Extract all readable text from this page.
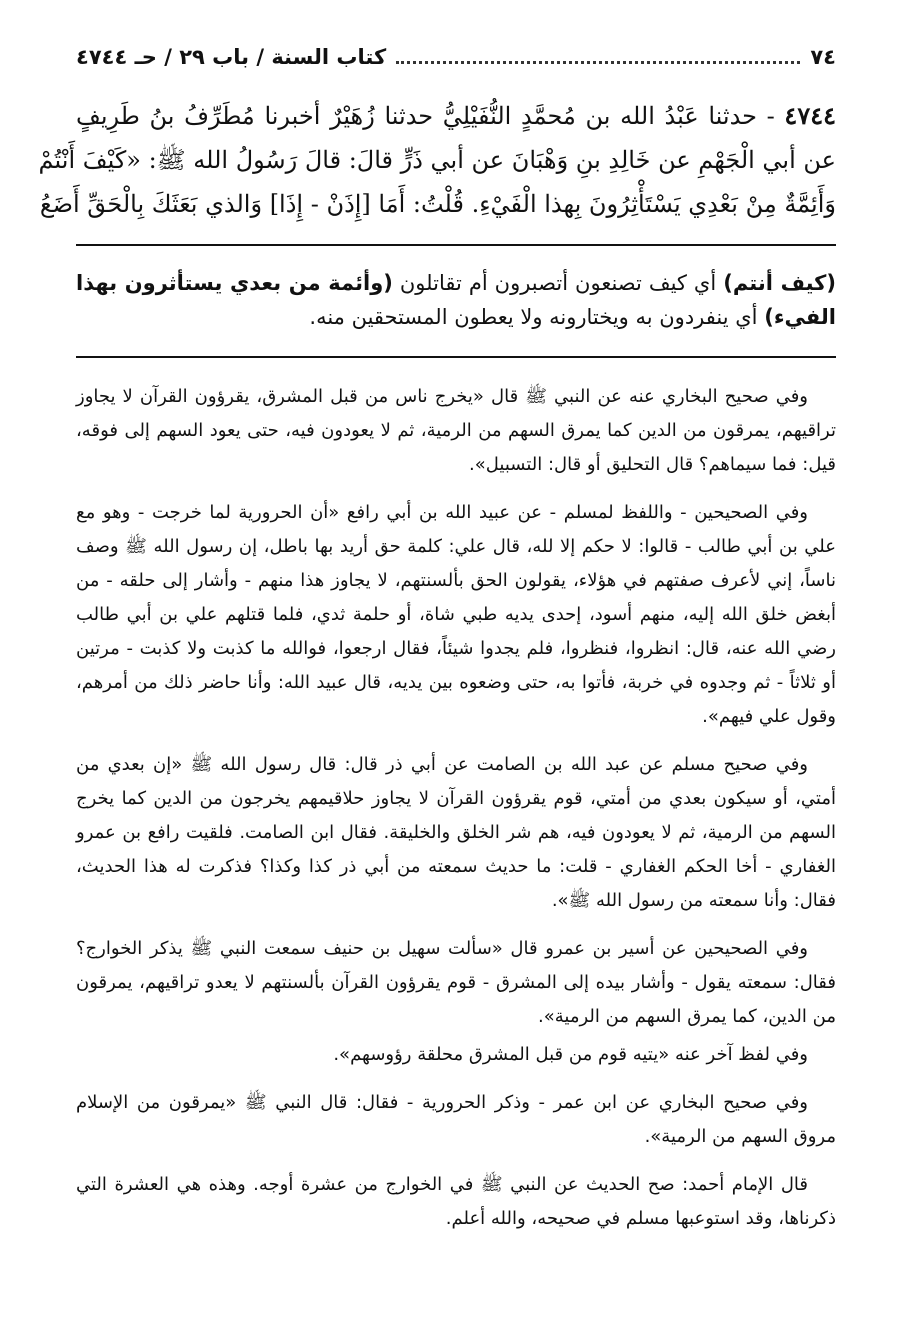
٧٤
كتاب السنة / باب ٢٩ / حـ ٤٧٤٤
٤٧٤٤ - حدثنا عَبْدُ الله بن مُحمَّدٍ النُّفَيْلِيُّ حدثنا زُهَيْرٌ أخبرنا مُطَرِّفُ بنُ طَرِيفٍ
عن أبي الْجَهْمِ عن خَالِدِ بنِ وَهْبَانَ عن أبي ذَرٍّ قالَ: قالَ رَسُولُ الله ﷺ: «كَيْفَ أَنْتُمْ
وَأَئِمَّةٌ مِنْ بَعْدِي يَسْتَأْثِرُونَ بِهذا الْفَيْءِ. قُلْتُ: أَمَا [إِذَنْ - إِذَا] وَالذي بَعَثَكَ بِالْحَقِّ أَضَعُ
(كيف أنتم) أي كيف تصنعون أتصبرون أم تقاتلون (وأئمة من بعدي يستأثرون بهذا الفيء) أي ينفردون به ويختارونه ولا يعطون المستحقين منه.

وفي صحيح البخاري عنه عن النبي ﷺ قال «يخرج ناس من قبل المشرق، يقرؤون القرآن لا يجاوز تراقيهم، يمرقون من الدين كما يمرق السهم من الرمية، ثم لا يعودون فيه، حتى يعود السهم إلى فوقه، قيل: فما سيماهم؟ قال التحليق أو قال: التسبيل».

وفي الصحيحين - واللفظ لمسلم - عن عبيد الله بن أبي رافع «أن الحرورية لما خرجت - وهو مع علي بن أبي طالب - قالوا: لا حكم إلا لله، قال علي: كلمة حق أريد بها باطل، إن رسول الله ﷺ وصف ناساً، إني لأعرف صفتهم في هؤلاء، يقولون الحق بألسنتهم، لا يجاوز هذا منهم - وأشار إلى حلقه - من أبغض خلق الله إليه، منهم أسود، إحدى يديه طبي شاة، أو حلمة ثدي، فلما قتلهم علي بن أبي طالب رضي الله عنه، قال: انظروا، فنظروا، فلم يجدوا شيئاً، فقال ارجعوا، فوالله ما كذبت ولا كذبت - مرتين أو ثلاثاً - ثم وجدوه في خربة، فأتوا به، حتى وضعوه بين يديه، قال عبيد الله: وأنا حاضر ذلك من أمرهم، وقول علي فيهم».

وفي صحيح مسلم عن عبد الله بن الصامت عن أبي ذر قال: قال رسول الله ﷺ «إن بعدي من أمتي، أو سيكون بعدي من أمتي، قوم يقرؤون القرآن لا يجاوز حلاقيمهم يخرجون من الدين كما يخرج السهم من الرمية، ثم لا يعودون فيه، هم شر الخلق والخليقة. فقال ابن الصامت. فلقيت رافع بن عمرو الغفاري - أخا الحكم الغفاري - قلت: ما حديث سمعته من أبي ذر كذا وكذا؟ فذكرت له هذا الحديث، فقال: وأنا سمعته من رسول الله ﷺ».

وفي الصحيحين عن أسير بن عمرو قال «سألت سهيل بن حنيف سمعت النبي ﷺ يذكر الخوارج؟ فقال: سمعته يقول - وأشار بيده إلى المشرق - قوم يقرؤون القرآن بألسنتهم لا يعدو تراقيهم، يمرقون من الدين، كما يمرق السهم من الرمية».

وفي لفظ آخر عنه «يتيه قوم من قبل المشرق محلقة رؤوسهم».

وفي صحيح البخاري عن ابن عمر - وذكر الحرورية - فقال: قال النبي ﷺ «يمرقون من الإسلام مروق السهم من الرمية».

قال الإمام أحمد: صح الحديث عن النبي ﷺ في الخوارج من عشرة أوجه. وهذه هي العشرة التي ذكرناها، وقد استوعبها مسلم في صحيحه، والله أعلم.
